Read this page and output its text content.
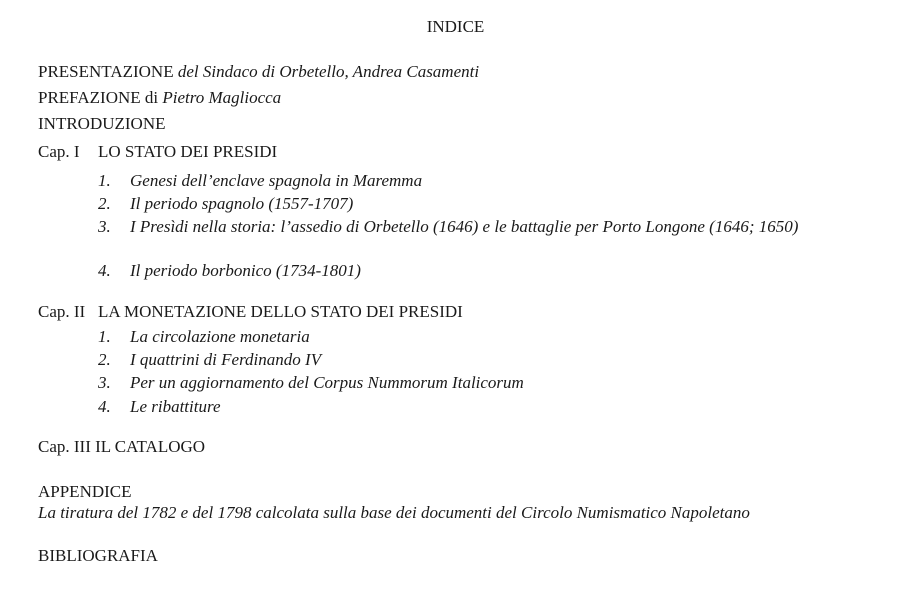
INDICE
PRESENTAZIONE del Sindaco di Orbetello, Andrea Casamenti
PREFAZIONE di Pietro Magliocca
INTRODUZIONE
Cap. I LO STATO DEI PRESIDI
1.	Genesi dell’enclave spagnola in Maremma
2.	Il periodo spagnolo (1557-1707)
3.	I Presìdi nella storia: l’assedio di Orbetello (1646) e le battaglie per Porto Longone (1646; 1650)
4.	Il periodo borbonico (1734-1801)
Cap. II LA MONETAZIONE DELLO STATO DEI PRESIDI
1.	La circolazione monetaria
2.	I quattrini di Ferdinando IV
3.	Per un aggiornamento del Corpus Nummorum Italicorum
4.	Le ribattiture
Cap. III IL CATALOGO
APPENDICE
La tiratura del 1782 e del 1798 calcolata sulla base dei documenti del Circolo Numismatico Napoletano
BIBLIOGRAFIA
